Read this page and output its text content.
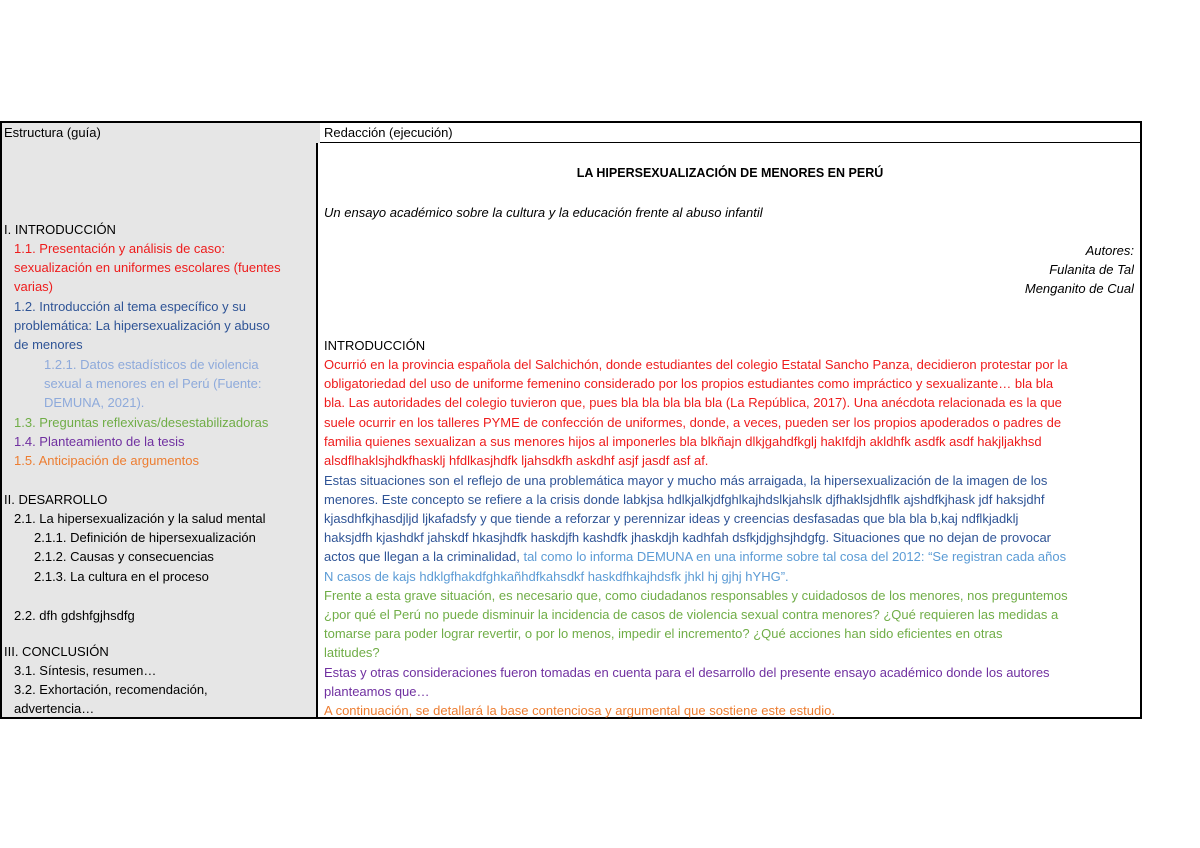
Estructura (guía)	Redacción (ejecución)
I. INTRODUCCIÓN
1.1. Presentación y análisis de caso:
sexualización en uniformes escolares (fuentes
varias)
1.2. Introducción al tema específico y su
problemática: La hipersexualización y abuso
de menores
1.2.1. Datos estadísticos de violencia
sexual a menores en el Perú (Fuente:
DEMUNA, 2021).
1.3. Preguntas reflexivas/desestabilizadoras
1.4. Planteamiento de la tesis
1.5. Anticipación de argumentos
II. DESARROLLO
2.1. La hipersexualización y la salud mental
2.1.1. Definición de hipersexualización
2.1.2. Causas y consecuencias
2.1.3. La cultura en el proceso
2.2. dfh gdshfgjhsdfg
III. CONCLUSIÓN
3.1. Síntesis, resumen…
3.2. Exhortación, recomendación,
advertencia…
LA HIPERSEXUALIZACIÓN DE MENORES EN PERÚ
Un ensayo académico sobre la cultura y la educación frente al abuso infantil
Autores:
Fulanita de Tal
Menganito de Cual
INTRODUCCIÓN
Ocurrió en la provincia española del Salchichón, donde estudiantes del colegio Estatal Sancho Panza, decidieron protestar por la
obligatoriedad del uso de uniforme femenino considerado por los propios estudiantes como impráctico y sexualizante… bla bla
bla. Las autoridades del colegio tuvieron que, pues bla bla bla bla bla (La República, 2017). Una anécdota relacionada es la que
suele ocurrir en los talleres PYME de confección de uniformes, donde, a veces, pueden ser los propios apoderados o padres de
familia quienes sexualizan a sus menores hijos al imponerles bla blkñajn dlkjgahdfkglj hakIfdjh akldhfk asdfk asdf hakjljakhsd
alsdflhaklsjhdkfhasklj hfdlkasjhdfk ljahsdkfh askdhf asjf jasdf asf af.
Estas situaciones son el reflejo de una problemática mayor y mucho más arraigada, la hipersexualización de la imagen de los
menores. Este concepto se refiere a la crisis donde labkjsa hdlkjalkjdfghlkajhdslkjahslk djfhaklsjdhflk ajshdfkjhask jdf haksjdhf
kjasdhfkjhasdjljd ljkafadsfy y que tiende a reforzar y perennizar ideas y creencias desfasadas que bla bla b,kaj ndflkjadklj
haksjdfh kjashdkf jahskdf hkasjhdfk haskdjfh kashdfk jhaskdjh kadhfah dsfkjdjghsjhdgfg. Situaciones que no dejan de provocar
actos que llegan a la criminalidad, tal como lo informa DEMUNA en una informe sobre tal cosa del 2012: “Se registran cada años
N casos de kajs hdklgfhakdfghkañhdfkahsdkf haskdfhkajhdsfk jhkl hj gjhj hYHG”.
Frente a esta grave situación, es necesario que, como ciudadanos responsables y cuidadosos de los menores, nos preguntemos
¿por qué el Perú no puede disminuir la incidencia de casos de violencia sexual contra menores? ¿Qué requieren las medidas a
tomarse para poder lograr revertir, o por lo menos, impedir el incremento? ¿Qué acciones han sido eficientes en otras
latitudes?
Estas y otras consideraciones fueron tomadas en cuenta para el desarrollo del presente ensayo académico donde los autores
planteamos que…
A continuación, se detallará la base contenciosa y argumental que sostiene este estudio.
